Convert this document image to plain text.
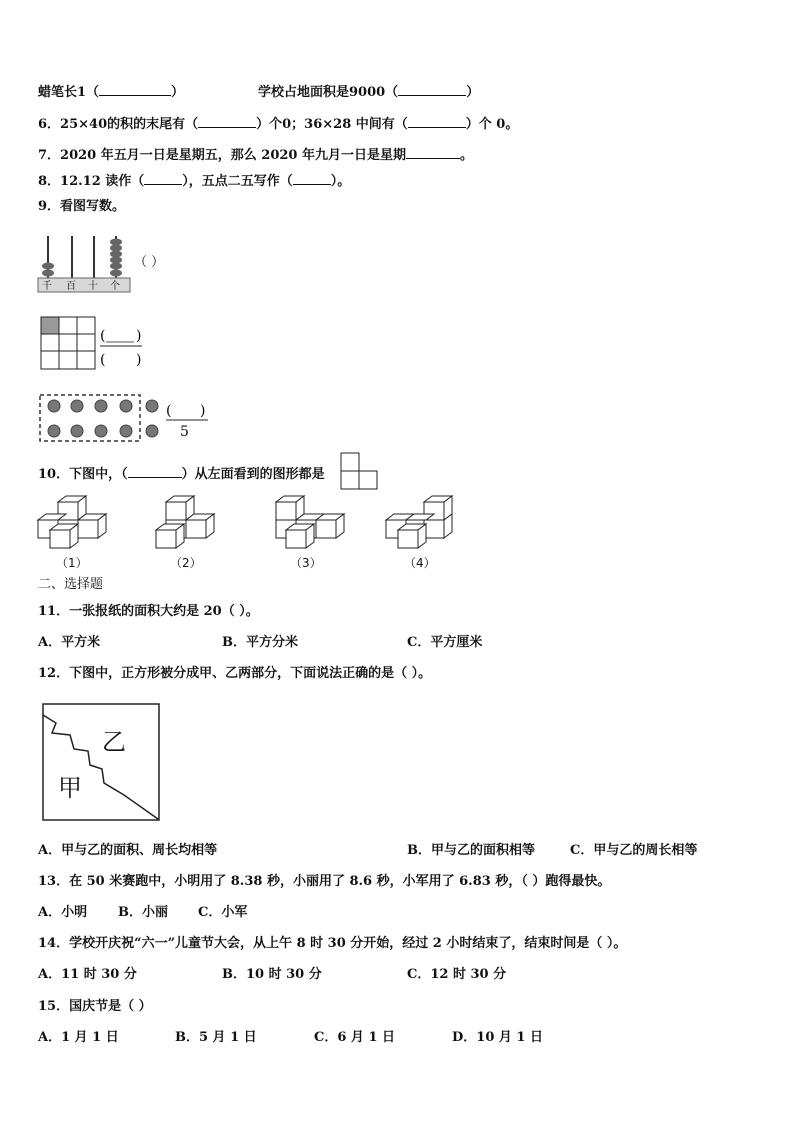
蜡笔长1（	）	学校占地面积是9000（	）
6．25×40的积的末尾有（	）个0；36×28 中间有（	）个 0。
7．2020 年五月一日是星期五，那么 2020 年九月一日是星期	。
8．12.12 读作（	），五点二五写作（	）。
9．看图写数。
千 百 十 个
（ ）
( )
( )
( )
5
10．下图中，（	）从左面看到的图形都是
（1）	（2）	（3）	（4）
二、选择题
11．一张报纸的面积大约是 20（ ）。
A．平方米	B．平方分米	C．平方厘米
12．下图中，正方形被分成甲、乙两部分，下面说法正确的是（ ）。
乙
甲
A．甲与乙的面积、周长均相等	B．甲与乙的面积相等	C．甲与乙的周长相等
13．在 50 米赛跑中，小明用了 8.38 秒，小丽用了 8.6 秒，小军用了 6.83 秒，（ ）跑得最快。
A．小明 B．小丽 C．小军
14．学校开庆祝“六一”儿童节大会，从上午 8 时 30 分开始，经过 2 小时结束了，结束时间是（ ）。
A．11 时 30 分	B．10 时 30 分	C．12 时 30 分
15．国庆节是（ ）
A．1 月 1 日	B．5 月 1 日	C．6 月 1 日	D．10 月 1 日
